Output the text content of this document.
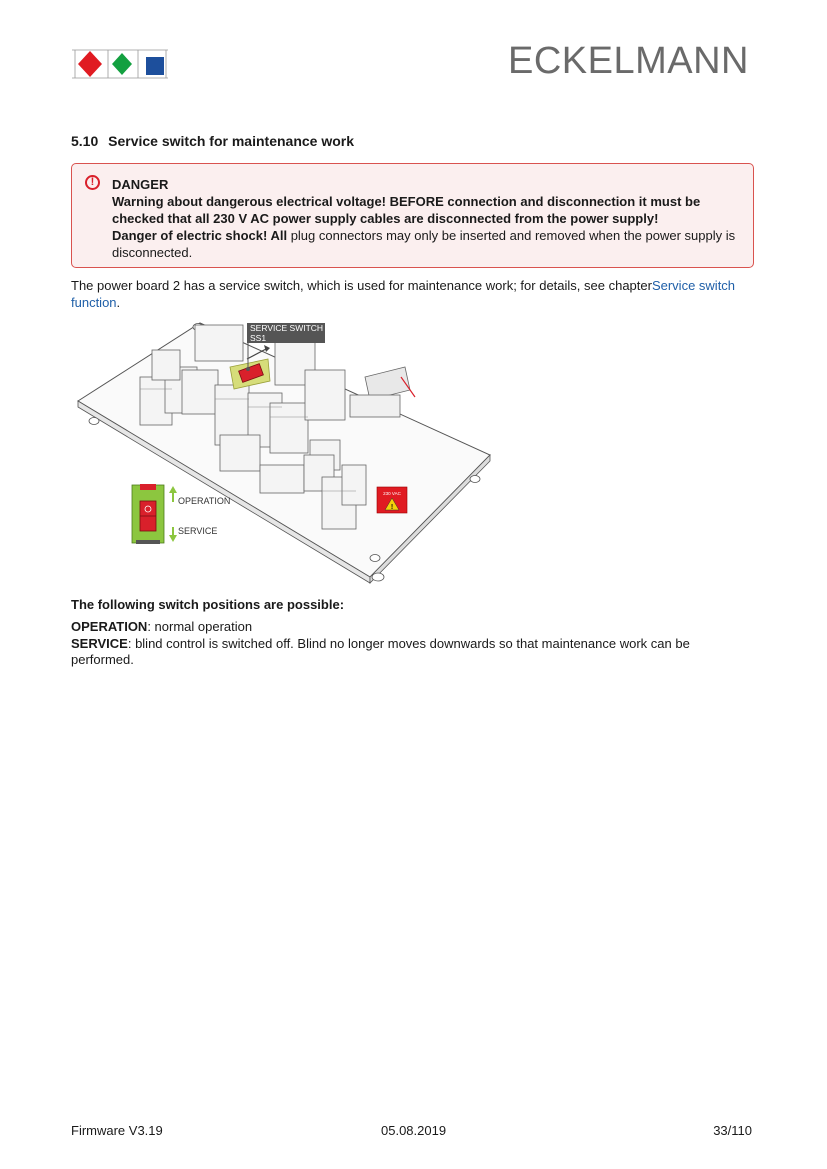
ECKELMANN
5.10 Service switch for maintenance work
!	DANGER
Warning about dangerous electrical voltage! BEFORE connection and disconnection it must be checked that all 230 V AC power supply cables are disconnected from the power supply!
Danger of electric shock! All plug connectors may only be inserted and removed when the power supply is disconnected.
The power board 2 has a service switch, which is used for maintenance work; for details, see chapterService switch function.
SERVICE SWITCH
SS1
230 VAC
!
OPERATION
SERVICE
The following switch positions are possible:
OPERATION: normal operation
SERVICE: blind control is switched off. Blind no longer moves downwards so that maintenance work can be performed.
Firmware V3.19	05.08.2019	33/110
